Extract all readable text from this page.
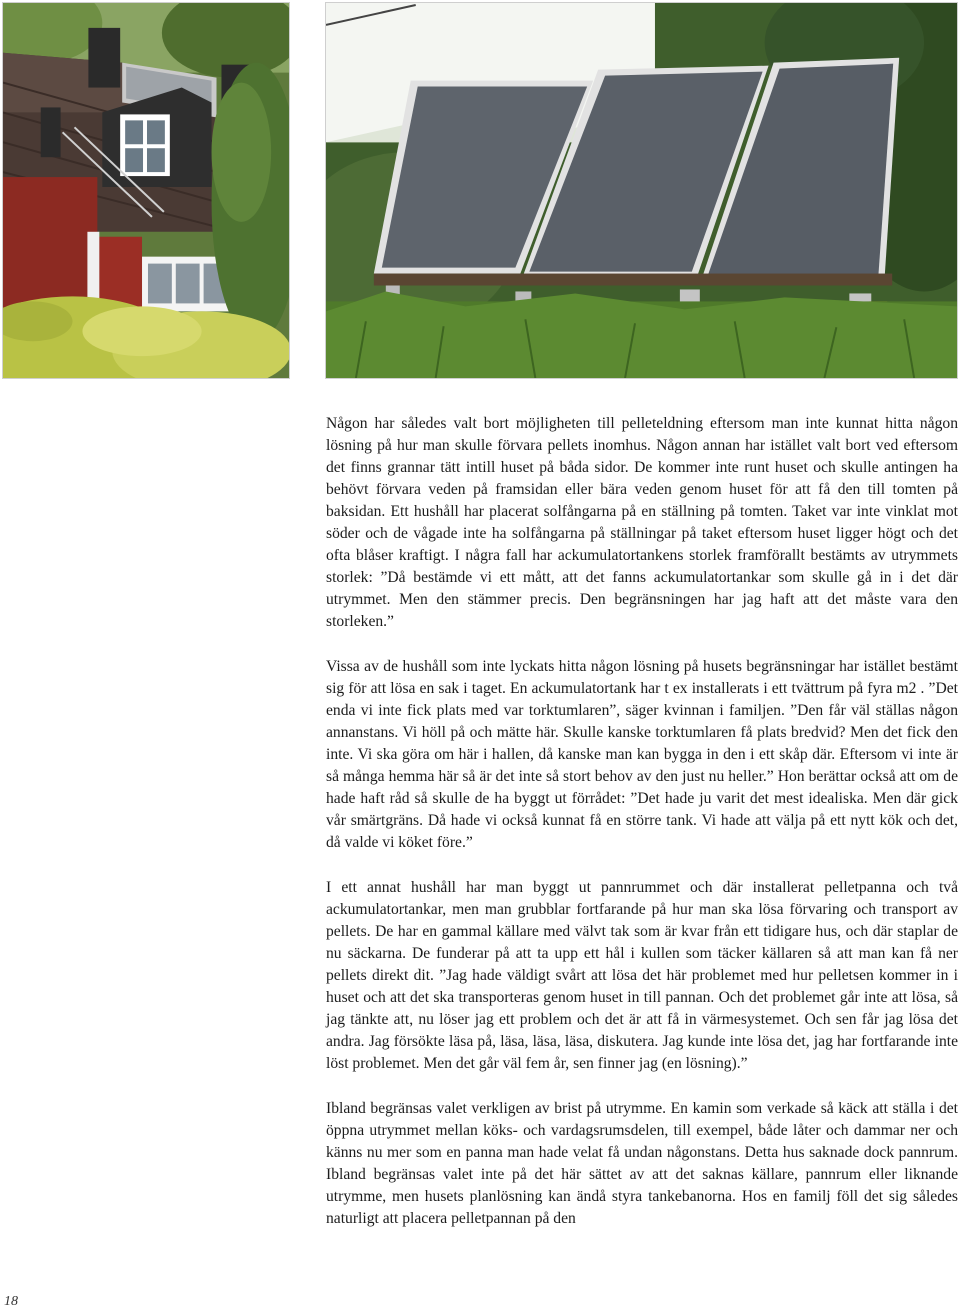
Någon har således valt bort möjligheten till pelleteldning eftersom man inte kunnat hitta någon lösning på hur man skulle förvara pellets inomhus. Någon annan har istället valt bort ved eftersom det finns grannar tätt intill huset på båda sidor. De kommer inte runt huset och skulle antingen ha behövt förvara veden på framsidan eller bära veden genom huset för att få den till tomten på baksidan. Ett hushåll har placerat solfångarna på en ställning på tomten. Taket var inte vinklat mot söder och de vågade inte ha solfångarna på ställningar på taket eftersom huset ligger högt och det ofta blåser kraftigt. I några fall har ackumulatortankens storlek framförallt bestämts av utrymmets storlek: ”Då bestämde vi ett mått, att det fanns ackumulatortankar som skulle gå in i det där utrymmet. Men den stämmer precis. Den begränsningen har jag haft att det måste vara den storleken.”

Vissa av de hushåll som inte lyckats hitta någon lösning på husets begränsningar har istället bestämt sig för att lösa en sak i taget. En ackumulatortank har t ex installerats i ett tvättrum på fyra m2 . ”Det enda vi inte fick plats med var torktumlaren”, säger kvinnan i familjen. ”Den får väl ställas någon annanstans. Vi höll på och mätte här. Skulle kanske torktumlaren få plats bredvid? Men det fick den inte. Vi ska göra om här i hallen, då kanske man kan bygga in den i ett skåp där. Eftersom vi inte är så många hemma här så är det inte så stort behov av den just nu heller.” Hon berättar också att om de hade haft råd så skulle de ha byggt ut förrådet: ”Det hade ju varit det mest idealiska. Men där gick vår smärtgräns. Då hade vi också kunnat få en större tank. Vi hade att välja på ett nytt kök och det, då valde vi köket före.”

I ett annat hushåll har man byggt ut pannrummet och där installerat pelletpanna och två ackumulatortankar, men man grubblar fortfarande på hur man ska lösa förvaring och transport av pellets. De har en gammal källare med välvt tak som är kvar från ett tidigare hus, och där staplar de nu säckarna. De funderar på att ta upp ett hål i kullen som täcker källaren så att man kan få ner pellets direkt dit. ”Jag hade väldigt svårt att lösa det här problemet med hur pelletsen kommer in i huset och att det ska transporteras genom huset in till pannan. Och det problemet går inte att lösa, så jag tänkte att, nu löser jag ett problem och det är att få in värmesystemet. Och sen får jag lösa det andra. Jag försökte läsa på, läsa, läsa, läsa, diskutera. Jag kunde inte lösa det, jag har fortfarande inte löst problemet. Men det går väl fem år, sen finner jag (en lösning).”

Ibland begränsas valet verkligen av brist på utrymme. En kamin som verkade så käck att ställa i det öppna utrymmet mellan köks- och vardagsrumsdelen, till exempel, både låter och dammar ner och känns nu mer som en panna man hade velat få undan någonstans. Detta hus saknade dock pannrum. Ibland begränsas valet inte på det här sättet av att det saknas källare, pannrum eller liknande utrymme, men husets planlösning kan ändå styra tankebanorna. Hos en familj föll det sig således naturligt att placera pelletpannan på den

18
